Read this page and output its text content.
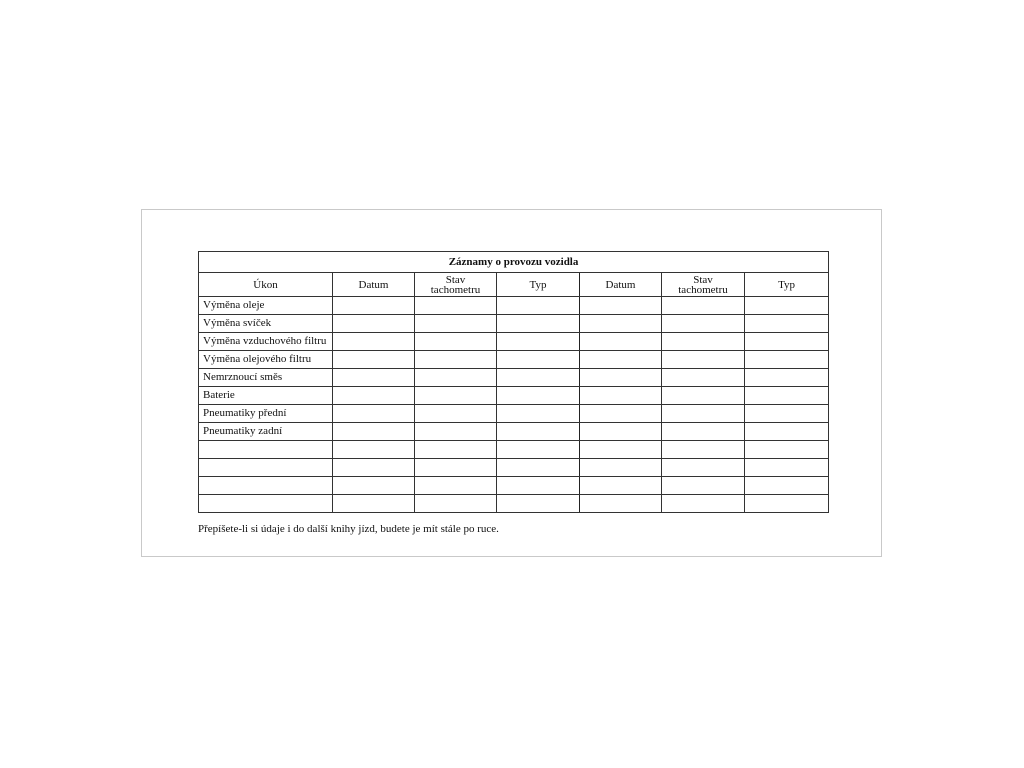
Záznamy o provozu vozidla						
Úkon	Datum	Stav tachometru	Typ	Datum	Stav tachometru	Typ
Výměna oleje						
Výměna svíček						
Výměna vzduchového filtru						
Výměna olejového filtru						
Nemrznoucí směs						
Baterie						
Pneumatiky přední						
Pneumatiky zadní						

Přepíšete-li si údaje i do další knihy jízd, budete je mít stále po ruce.
